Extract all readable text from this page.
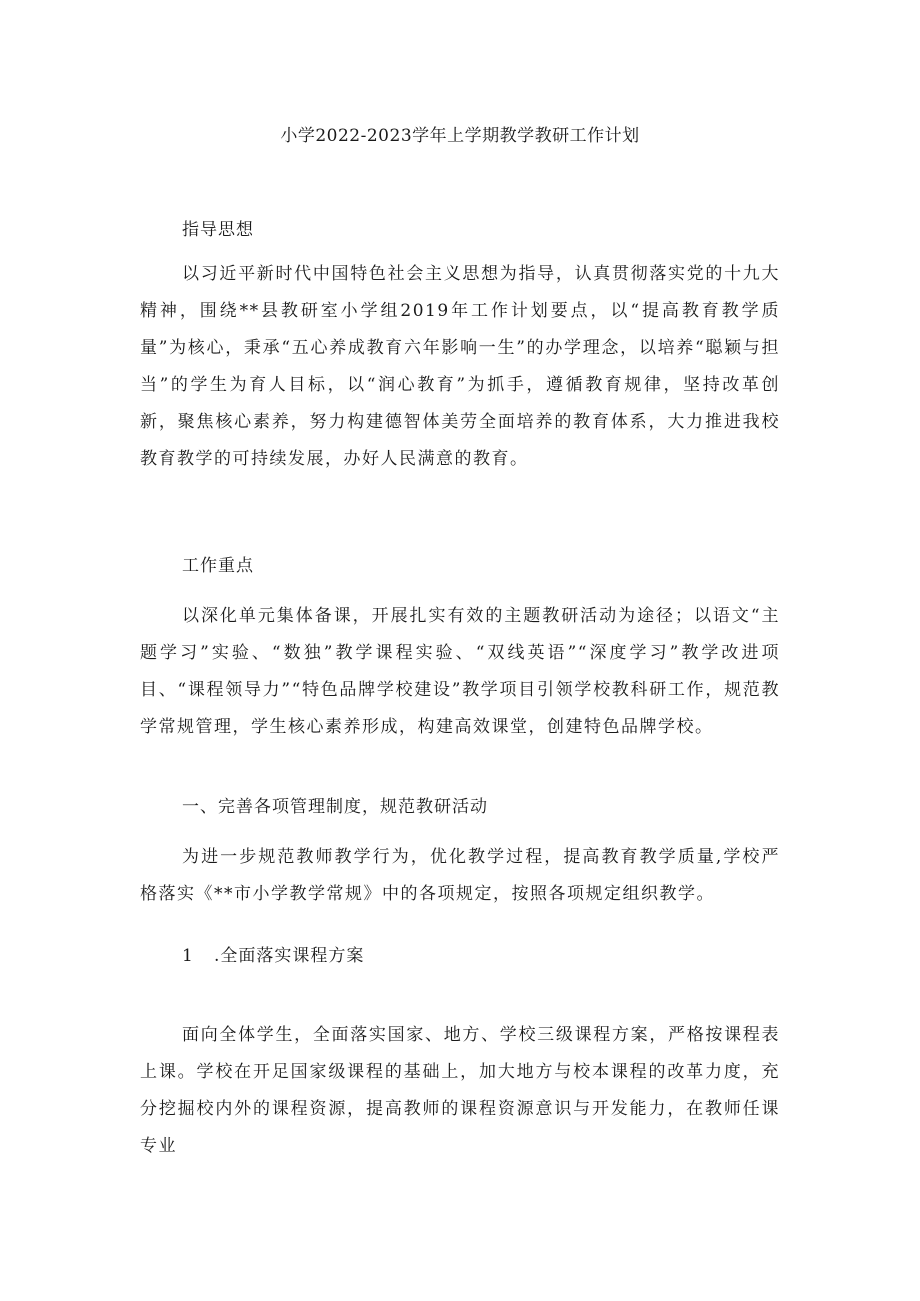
小学2022-2023学年上学期教学教研工作计划
指导思想
以习近平新时代中国特色社会主义思想为指导，认真贯彻落实党的十九大精神，围绕**县教研室小学组2019年工作计划要点，以“提高教育教学质量”为核心，秉承“五心养成教育六年影响一生”的办学理念，以培养“聪颖与担当”的学生为育人目标，以“润心教育”为抓手，遵循教育规律，坚持改革创新，聚焦核心素养，努力构建德智体美劳全面培养的教育体系，大力推进我校教育教学的可持续发展，办好人民满意的教育。
工作重点
以深化单元集体备课，开展扎实有效的主题教研活动为途径；以语文“主题学习”实验、“数独”教学课程实验、“双线英语”“深度学习”教学改进项目、“课程领导力”“特色品牌学校建设”教学项目引领学校教科研工作，规范教学常规管理，学生核心素养形成，构建高效课堂，创建特色品牌学校。
一、完善各项管理制度，规范教研活动
为进一步规范教师教学行为，优化教学过程，提高教育教学质量,学校严格落实《**市小学教学常规》中的各项规定，按照各项规定组织教学。
1 .全面落实课程方案
面向全体学生，全面落实国家、地方、学校三级课程方案，严格按课程表上课。学校在开足国家级课程的基础上，加大地方与校本课程的改革力度，充分挖掘校内外的课程资源，提高教师的课程资源意识与开发能力，在教师任课专业
